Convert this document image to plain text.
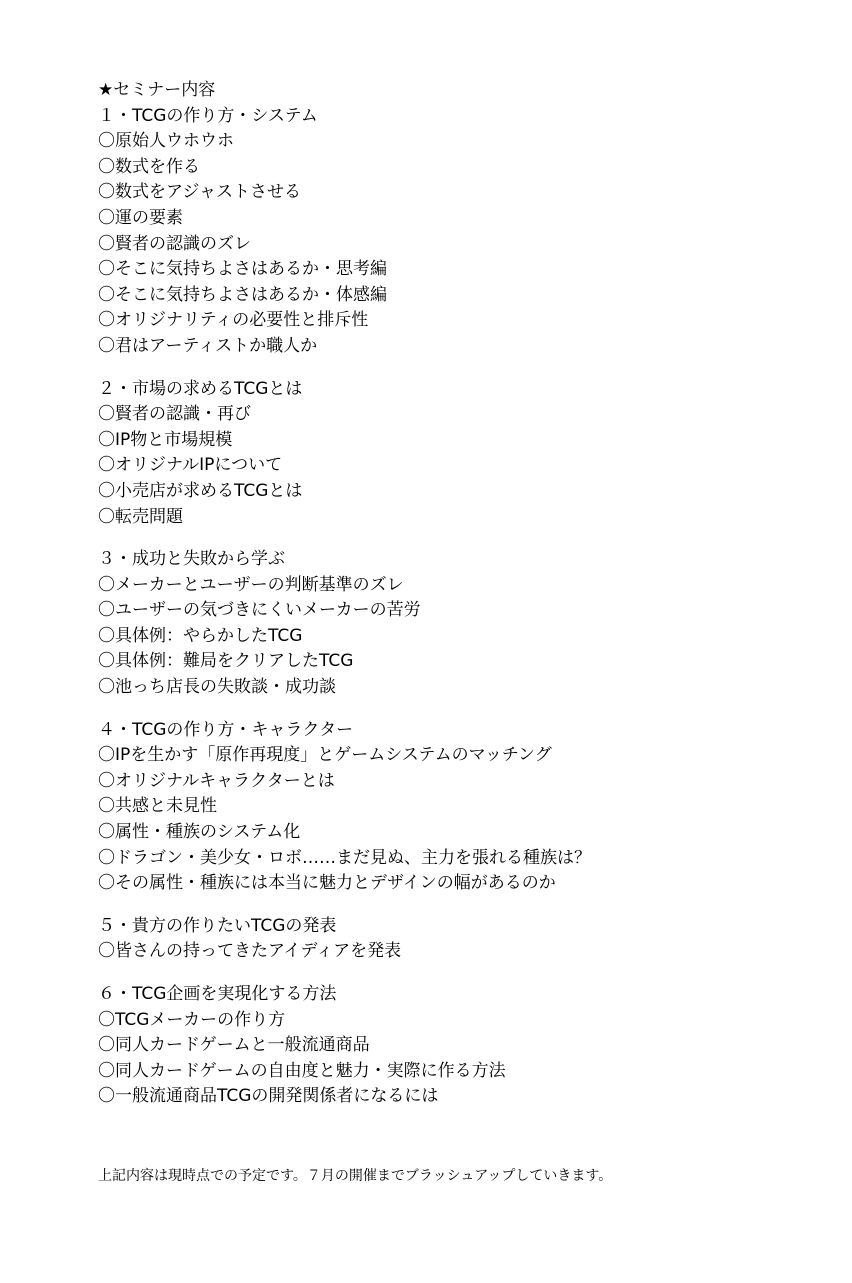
★セミナー内容
１・TCGの作り方・システム
〇原始人ウホウホ
〇数式を作る
〇数式をアジャストさせる
〇運の要素
〇賢者の認識のズレ
〇そこに気持ちよさはあるか・思考編
〇そこに気持ちよさはあるか・体感編
〇オリジナリティの必要性と排斥性
〇君はアーティストか職人か
２・市場の求めるTCGとは
〇賢者の認識・再び
〇IP物と市場規模
〇オリジナルIPについて
〇小売店が求めるTCGとは
〇転売問題
３・成功と失敗から学ぶ
〇メーカーとユーザーの判断基準のズレ
〇ユーザーの気づきにくいメーカーの苦労
〇具体例：やらかしたTCG
〇具体例：難局をクリアしたTCG
〇池っち店長の失敗談・成功談
４・TCGの作り方・キャラクター
〇IPを生かす「原作再現度」とゲームシステムのマッチング
〇オリジナルキャラクターとは
〇共感と未見性
〇属性・種族のシステム化
〇ドラゴン・美少女・ロボ……まだ見ぬ、主力を張れる種族は？
〇その属性・種族には本当に魅力とデザインの幅があるのか
５・貴方の作りたいTCGの発表
〇皆さんの持ってきたアイディアを発表
６・TCG企画を実現化する方法
〇TCGメーカーの作り方
〇同人カードゲームと一般流通商品
〇同人カードゲームの自由度と魅力・実際に作る方法
〇一般流通商品TCGの開発関係者になるには
上記内容は現時点での予定です。７月の開催までブラッシュアップしていきます。
